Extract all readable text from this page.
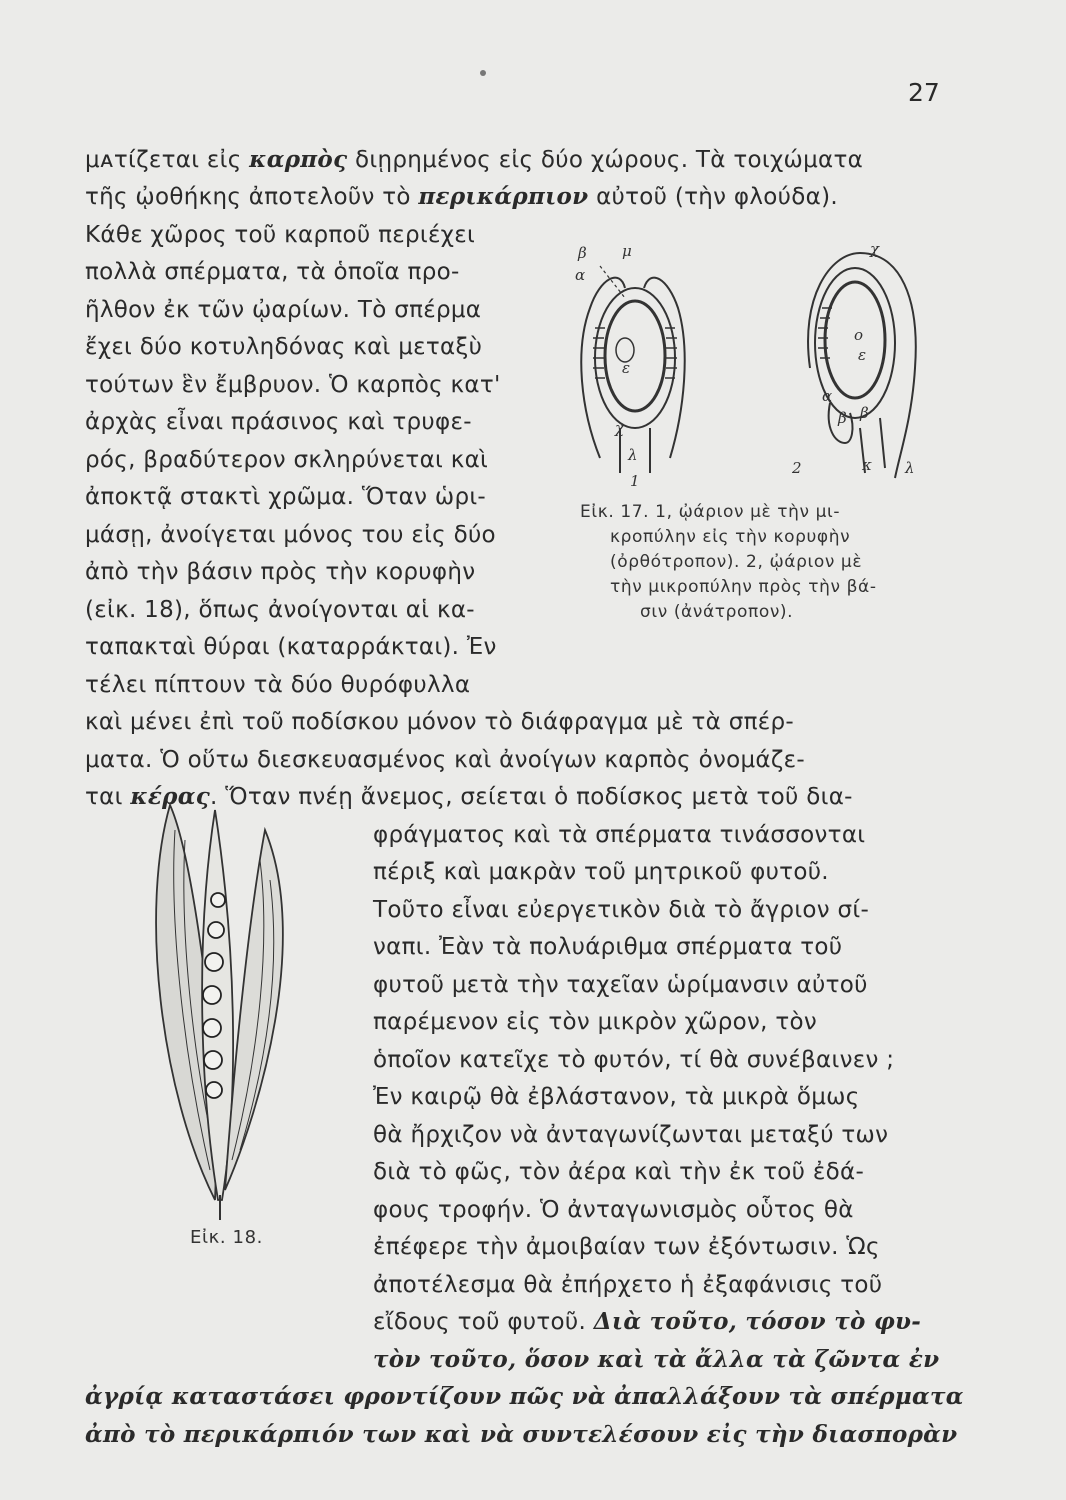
27
μᴀτίζεται εἰς καρπὸς διῃρημένος εἰς δύο χώρους. Τὰ τοιχώματα
τῆς ᾠοθήκης ἀποτελοῦν τὸ περικάρπιον αὐτοῦ (τὴν φλούδα).
Κάθε χῶρος τοῦ καρποῦ περιέχει
πολλὰ σπέρματα, τὰ ὁποῖα προ-
ῆλθον ἐκ τῶν ᾠαρίων. Τὸ σπέρμα
ἔχει δύο κοτυληδόνας καὶ μεταξὺ
τούτων ἓν ἔμβρυον. Ὁ καρπὸς κατ'
ἀρχὰς εἶναι πράσινος καὶ τρυφε-
ρός, βραδύτερον σκληρύνεται καὶ
ἀποκτᾷ στακτὶ χρῶμα. Ὅταν ὡρι-
μάσῃ, ἀνοίγεται μόνος του εἰς δύο
ἀπὸ τὴν βάσιν πρὸς τὴν κορυφὴν
(εἰκ. 18), ὅπως ἀνοίγονται αἱ κα-
ταπακταὶ θύραι (καταρράκται). Ἐν
τέλει πίπτουν τὰ δύο θυρόφυλλα
καὶ μένει ἐπὶ τοῦ ποδίσκου μόνον τὸ διάφραγμα μὲ τὰ σπέρ-
ματα. Ὁ οὕτω διεσκευασμένος καὶ ἀνοίγων καρπὸς ὀνομάζε-
ται κέρας. Ὅταν πνέῃ ἄνεμος, σείεται ὁ ποδίσκος μετὰ τοῦ δια-
φράγματος καὶ τὰ σπέρματα τινάσσονται
πέριξ καὶ μακρὰν τοῦ μητρικοῦ φυτοῦ.
Τοῦτο εἶναι εὐεργετικὸν διὰ τὸ ἄγριον σί-
ναπι. Ἐὰν τὰ πολυάριθμα σπέρματα τοῦ
φυτοῦ μετὰ τὴν ταχεῖαν ὡρίμανσιν αὐτοῦ
παρέμενον εἰς τὸν μικρὸν χῶρον, τὸν
ὁποῖον κατεῖχε τὸ φυτόν, τί θὰ συνέβαινεν ;
Ἐν καιρῷ θὰ ἐβλάστανον, τὰ μικρὰ ὅμως
θὰ ἤρχιζον νὰ ἀνταγωνίζωνται μεταξύ των
διὰ τὸ φῶς, τὸν ἀέρα καὶ τὴν ἐκ τοῦ ἐδά-
φους τροφήν. Ὁ ἀνταγωνισμὸς οὗτος θὰ
ἐπέφερε τὴν ἀμοιβαίαν των ἐξόντωσιν. Ὡς
ἀποτέλεσμα θὰ ἐπήρχετο ἡ ἐξαφάνισις τοῦ
εἴδους τοῦ φυτοῦ. Διὰ τοῦτο, τόσον τὸ φυ-
τὸν τοῦτο, ὅσον καὶ τὰ ἄλλα τὰ ζῶντα ἐν
ἀγρίᾳ καταστάσει φροντίζουν πῶς νὰ ἀπαλλάξουν τὰ σπέρματα
ἀπὸ τὸ περικάρπιόν των καὶ νὰ συντελέσουν εἰς τὴν διασπορὰν
β μ
α
ε
χ
λ
1
χ
ο
ε
α
β β
2	κ λ
Εἰκ. 17. 1, ᾠάριον μὲ τὴν μι-
κροπύλην εἰς τὴν κορυφὴν
(ὀρθότροπον). 2, ᾠάριον μὲ
τὴν μικροπύλην πρὸς τὴν βά-
σιν (ἀνάτροπον).
Εἰκ. 18.
